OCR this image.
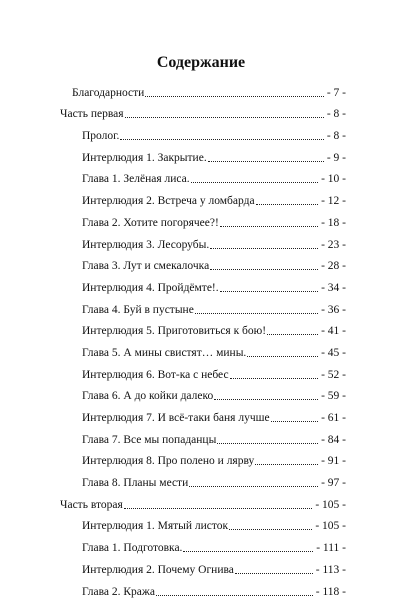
Содержание
Благодарности	- 7 -
Часть первая	- 8 -
Пролог.	- 8 -
Интерлюдия 1. Закрытие.	- 9 -
Глава 1. Зелёная лиса.	- 10 -
Интерлюдия 2. Встреча у ломбарда	- 12 -
Глава 2. Хотите погорячее?!	- 18 -
Интерлюдия 3. Лесорубы.	- 23 -
Глава 3. Лут и смекалочка	- 28 -
Интерлюдия 4. Пройдёмте!.	- 34 -
Глава 4. Буй в пустыне	- 36 -
Интерлюдия 5. Приготовиться к бою!	- 41 -
Глава 5. А мины свистят… мины.	- 45 -
Интерлюдия 6. Вот-ка с небес	- 52 -
Глава 6. А до койки далеко	- 59 -
Интерлюдия 7. И всё-таки баня лучше	- 61 -
Глава 7. Все мы попаданцы	- 84 -
Интерлюдия 8. Про полено и лярву	- 91 -
Глава 8. Планы мести	- 97 -
Часть вторая	- 105 -
Интерлюдия 1. Мятый листок	- 105 -
Глава 1. Подготовка.	- 111 -
Интерлюдия 2. Почему Огнива	- 113 -
Глава 2. Кража	- 118 -
